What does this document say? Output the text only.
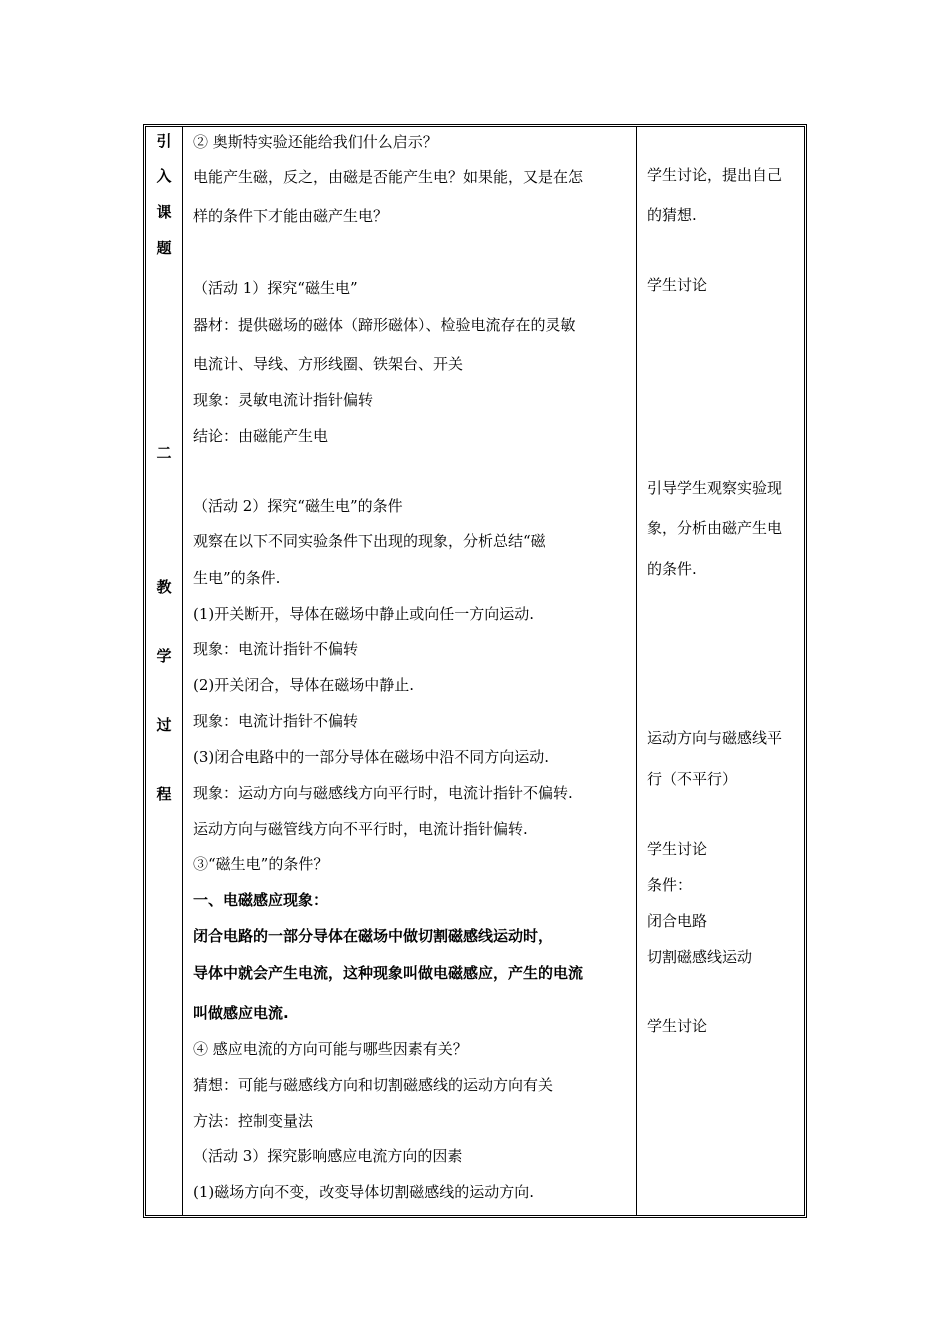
引
入
课
题
二
教
学
过
程
② 奥斯特实验还能给我们什么启示？
电能产生磁，反之，由磁是否能产生电？如果能，又是在怎
样的条件下才能由磁产生电？
（活动 1）探究“磁生电”
器材：提供磁场的磁体（蹄形磁体）、检验电流存在的灵敏
电流计、导线、方形线圈、铁架台、开关
现象：灵敏电流计指针偏转
结论：由磁能产生电
（活动 2）探究“磁生电”的条件
观察在以下不同实验条件下出现的现象，分析总结“磁
生电”的条件.
(1)开关断开，导体在磁场中静止或向任一方向运动.
现象：电流计指针不偏转
(2)开关闭合，导体在磁场中静止.
现象：电流计指针不偏转
(3)闭合电路中的一部分导体在磁场中沿不同方向运动.
现象：运动方向与磁感线方向平行时，电流计指针不偏转.
运动方向与磁管线方向不平行时，电流计指针偏转.
③“磁生电”的条件？
一、电磁感应现象：
闭合电路的一部分导体在磁场中做切割磁感线运动时，
导体中就会产生电流，这种现象叫做电磁感应，产生的电流
叫做感应电流.
④ 感应电流的方向可能与哪些因素有关？
猜想：可能与磁感线方向和切割磁感线的运动方向有关
方法：控制变量法
（活动 3）探究影响感应电流方向的因素
(1)磁场方向不变，改变导体切割磁感线的运动方向.
学生讨论，提出自己
的猜想.
学生讨论
引导学生观察实验现
象，分析由磁产生电
的条件.
运动方向与磁感线平
行（不平行）
学生讨论
条件：
闭合电路
切割磁感线运动
学生讨论
